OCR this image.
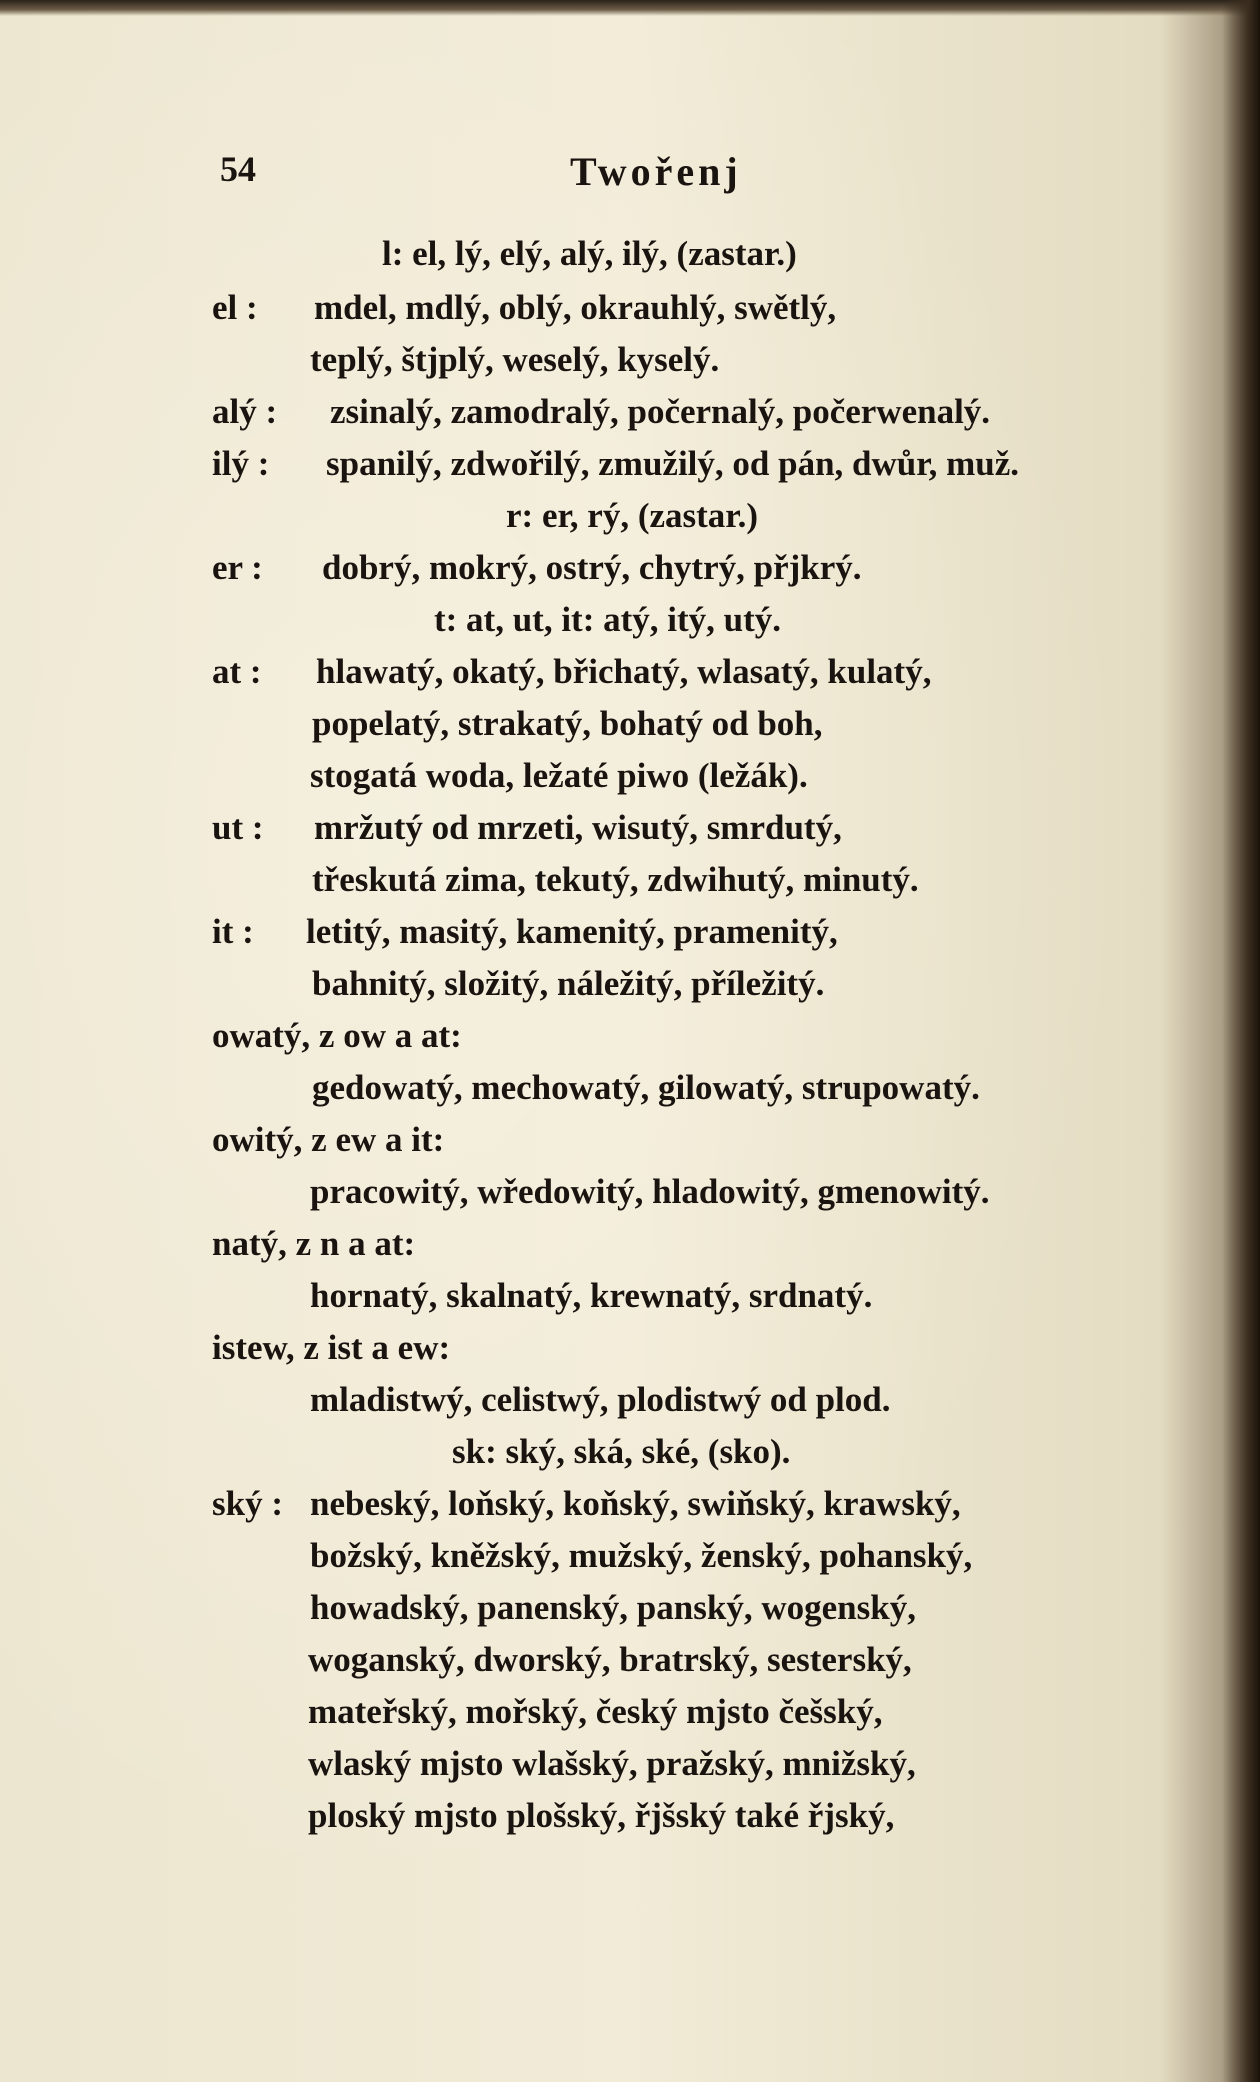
54	Twořenj
l: el, lý, elý, alý, ilý, (zastar.)
el :	mdel, mdlý, oblý, okrauhlý, swětlý,
teplý, štjplý, weselý, kyselý.
alý :	zsinalý, zamodralý, počernalý, počerwenalý.
ilý :	spanilý, zdwořilý, zmužilý, od pán, dwůr, muž.
r: er, rý, (zastar.)
er :	dobrý, mokrý, ostrý, chytrý, přjkrý.
t: at, ut, it: atý, itý, utý.
at :	hlawatý, okatý, břichatý, wlasatý, kulatý,
popelatý, strakatý, bohatý od boh,
stogatá woda, ležaté piwo (ležák).
ut :	mržutý od mrzeti, wisutý, smrdutý,
třeskutá zima, tekutý, zdwihutý, minutý.
it :	letitý, masitý, kamenitý, pramenitý,
bahnitý, složitý, náležitý, příležitý.
owatý, z ow a at:
gedowatý, mechowatý, gilowatý, strupowatý.
owitý, z ew a it:
pracowitý, wředowitý, hladowitý, gmenowitý.
natý, z n a at:
hornatý, skalnatý, krewnatý, srdnatý.
istew, z ist a ew:
mladistwý, celistwý, plodistwý od plod.
sk: ský, ská, ské, (sko).
ský : nebeský, loňský, koňský, swiňský, krawský,
božský, kněžský, mužský, ženský, pohanský,
howadský, panenský, panský, wogenský,
woganský, dworský, bratrský, sesterský,
mateřský, mořský, český mjsto češský,
wlaský mjsto wlašský, pražský, mnižský,
ploský mjsto plošský, řjšský také řjský,
